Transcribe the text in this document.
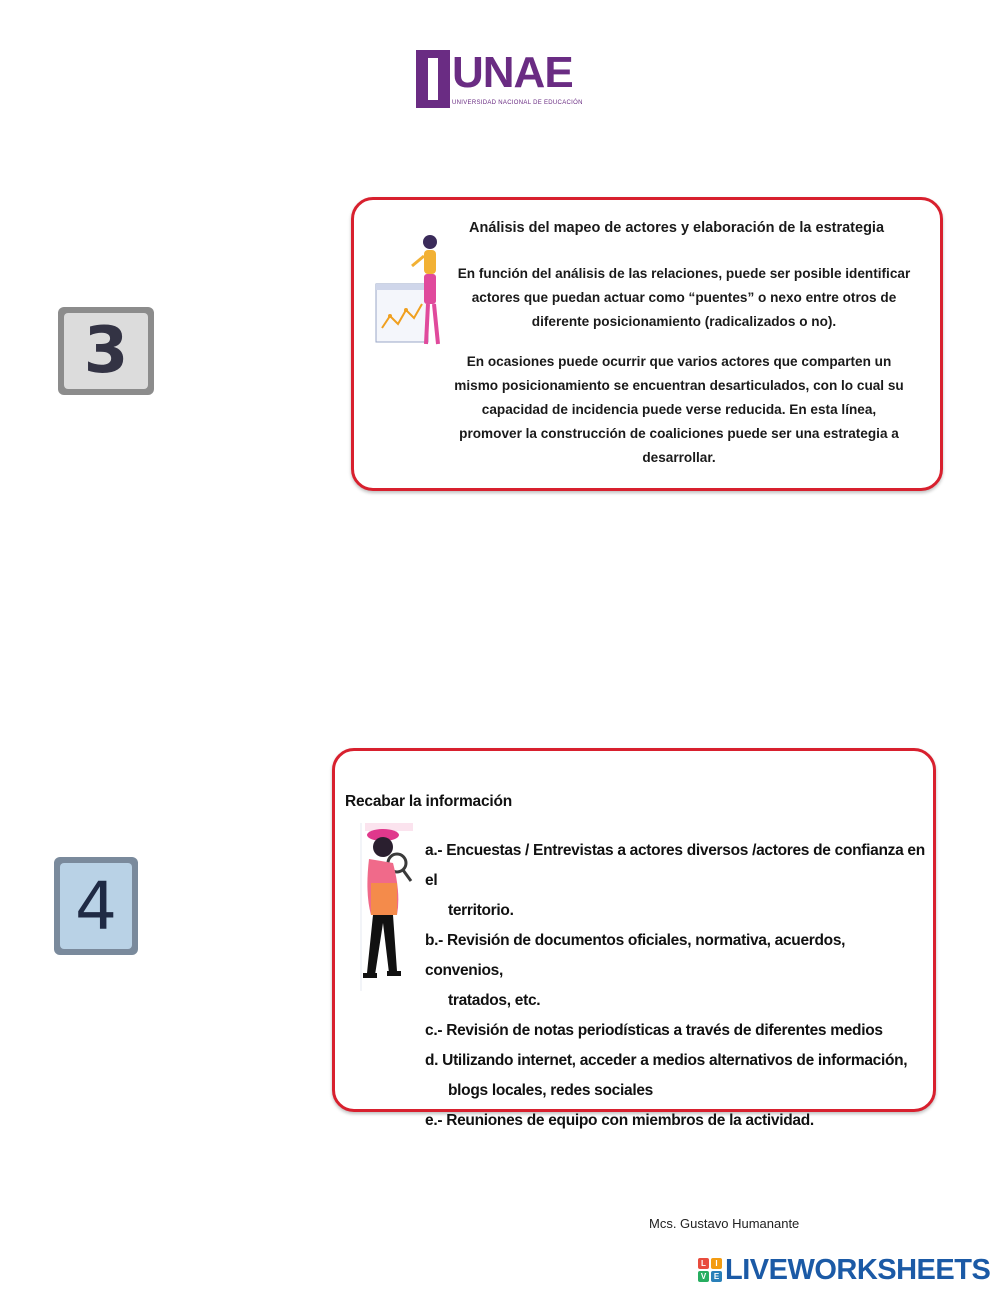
UNAE
UNIVERSIDAD NACIONAL DE EDUCACIÓN
3
Análisis del mapeo de actores y elaboración de la estrategia
En función del análisis de las relaciones, puede ser posible identificar actores que puedan actuar como “puentes” o nexo entre otros de diferente posicionamiento (radicalizados o no).
En ocasiones puede ocurrir que varios actores que comparten un mismo posicionamiento se encuentran desarticulados, con lo cual su capacidad de incidencia puede verse reducida. En esta línea, promover la construcción de coaliciones puede ser una estrategia a desarrollar.
4
Recabar la información
a.- Encuestas / Entrevistas a actores diversos /actores de confianza en el
territorio.
b.- Revisión de documentos oficiales, normativa, acuerdos, convenios,
tratados, etc.
c.- Revisión de notas periodísticas a través de diferentes medios
d. Utilizando internet, acceder a medios alternativos de información,
blogs locales, redes sociales
e.- Reuniones de equipo con miembros de la actividad.
Mcs. Gustavo Humanante
L	I
V E LIVEWORKSHEETS
